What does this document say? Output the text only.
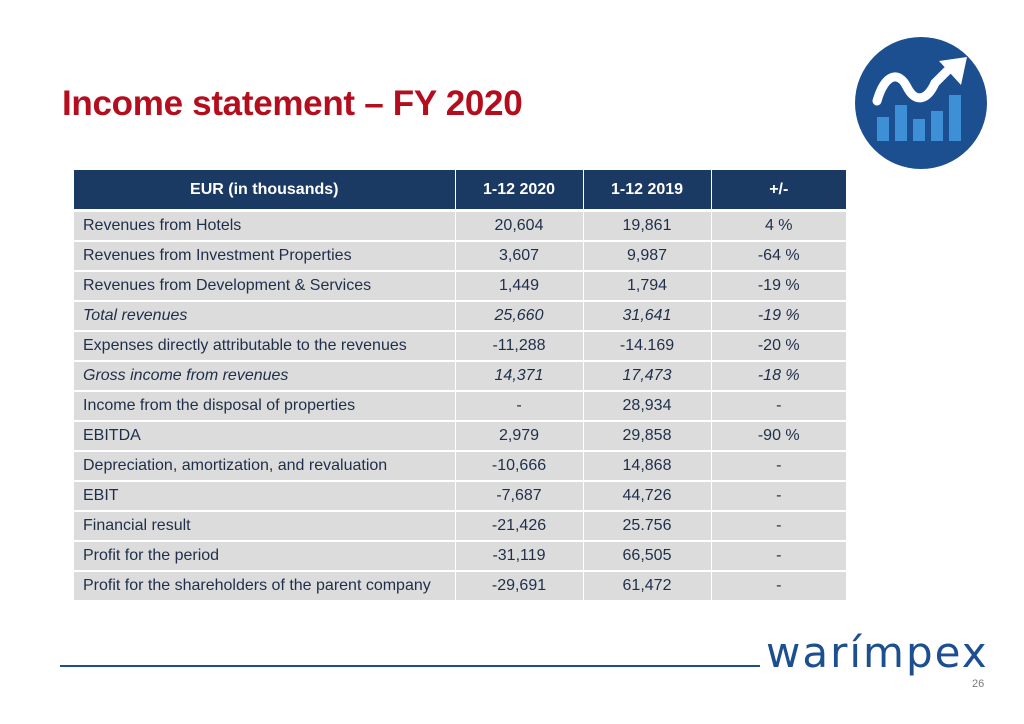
Income statement – FY 2020
EUR (in thousands)	1-12 2020	1-12 2019	+/-
Revenues from Hotels	20,604	19,861	4 %
Revenues from Investment Properties	3,607	9,987	-64 %
Revenues from Development & Services	1,449	1,794	-19 %
Total revenues	25,660	31,641	-19 %
Expenses directly attributable to the revenues	-11,288	-14.169	-20 %
Gross income from revenues	14,371	17,473	-18 %
Income from the disposal of properties	-	28,934	-
EBITDA	2,979	29,858	-90 %
Depreciation, amortization, and revaluation	-10,666	14,868	-
EBIT	-7,687	44,726	-
Financial result	-21,426	25.756	-
Profit for the period	-31,119	66,505	-
Profit for the shareholders of the parent company	-29,691	61,472	-
warímpex
26
